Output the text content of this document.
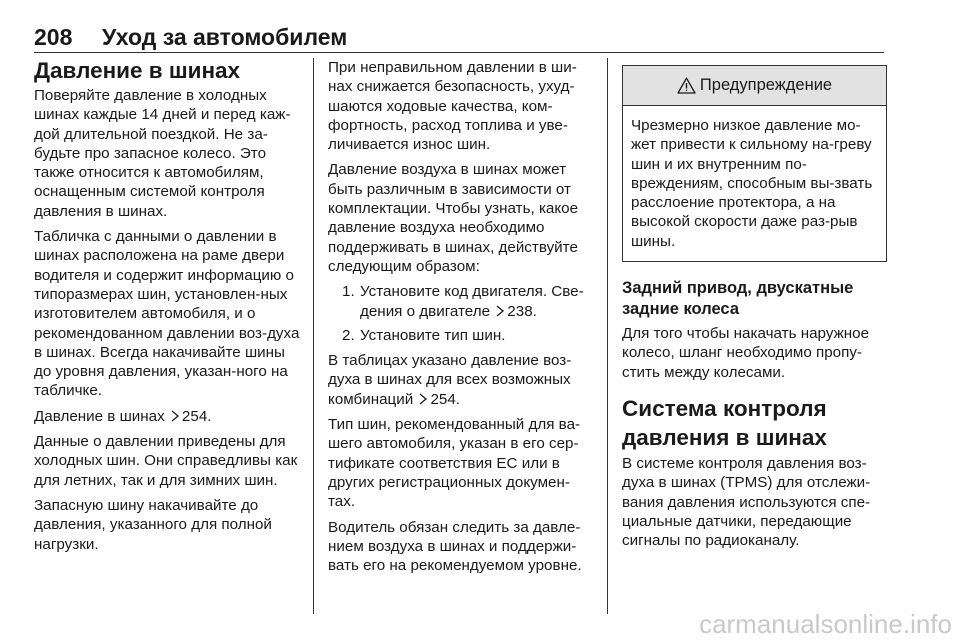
208 Уход за автомобилем
Давление в шинах

Поверяйте давление в холодных шинах каждые 14 дней и перед каж-дой длительной поездкой. Не за-будьте про запасное колесо. Это также относится к автомобилям, оснащенным системой контроля давления в шинах.

Табличка с данными о давлении в шинах расположена на раме двери водителя и содержит информацию о типоразмерах шин, установлен-ных изготовителем автомобиля, и о рекомендованном давлении воз-духа в шинах. Всегда накачивайте шины до уровня давления, указан-ного на табличке.

Давление в шинах 254.

Данные о давлении приведены для холодных шин. Они справедливы как для летних, так и для зимних шин.

Запасную шину накачивайте до давления, указанного для полной нагрузки.

При неправильном давлении в ши-нах снижается безопасность, ухуд-шаются ходовые качества, ком-фортность, расход топлива и уве-личивается износ шин.

Давление воздуха в шинах может быть различным в зависимости от комплектации. Чтобы узнать, какое давление воздуха необходимо поддерживать в шинах, действуйте следующим образом:

1. Установите код двигателя. Све-дения о двигателе 238.
2. Установите тип шин.

В таблицах указано давление воз-духа в шинах для всех возможных комбинаций 254.

Тип шин, рекомендованный для ва-шего автомобиля, указан в его сер-тификате соответствия ЕС или в других регистрационных докумен-тах.

Водитель обязан следить за давле-нием воздуха в шинах и поддержи-вать его на рекомендуемом уровне.

Предупреждение
Чрезмерно низкое давление мо-жет привести к сильному на-греву шин и их внутренним по-вреждениям, способным вы-звать расслоение протектора, а на высокой скорости даже раз-рыв шины.
Задний привод, двускатные задние колеса

Для того чтобы накачать наружное колесо, шланг необходимо пропу-стить между колесами.

Система контроля давления в шинах

В системе контроля давления воз-духа в шинах (TPMS) для отслежи-вания давления используются спе-циальные датчики, передающие сигналы по радиоканалу.

carmanualsonline.info
